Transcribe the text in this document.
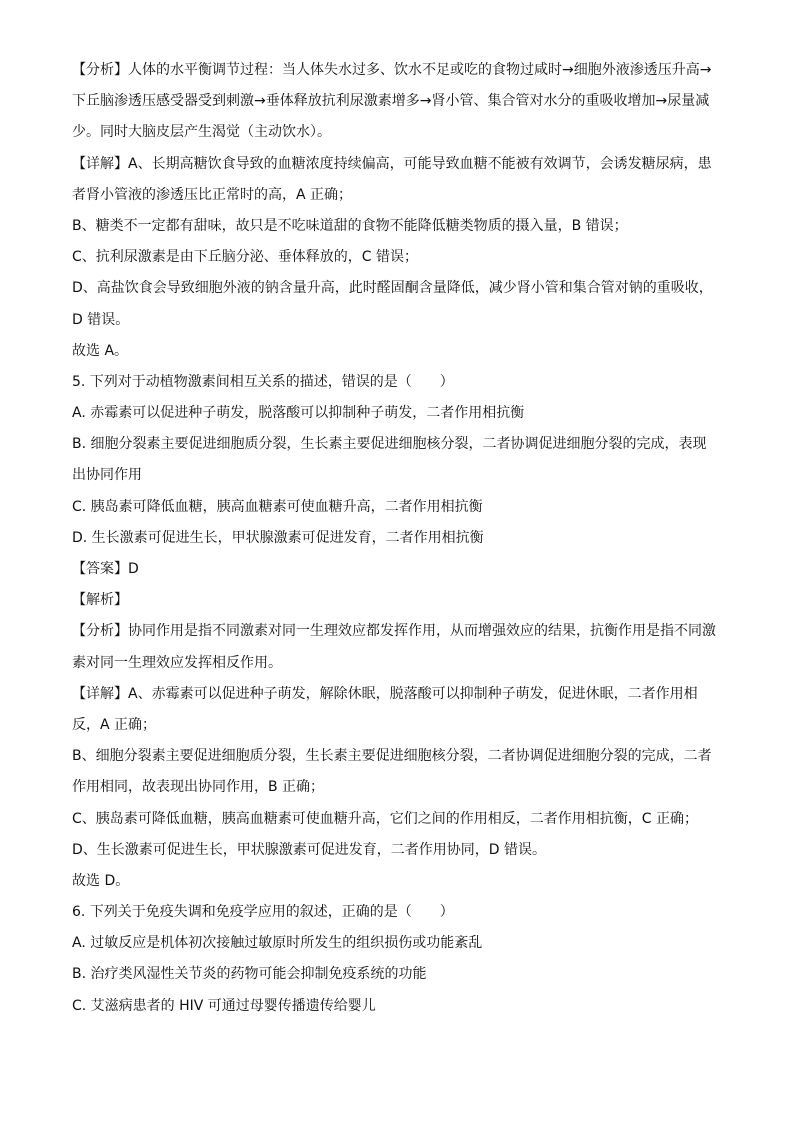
【分析】人体的水平衡调节过程：当人体失水过多、饮水不足或吃的食物过咸时→细胞外液渗透压升高→
下丘脑渗透压感受器受到刺激→垂体释放抗利尿激素增多→肾小管、集合管对水分的重吸收增加→尿量减
少。同时大脑皮层产生渴觉（主动饮水）。
【详解】A、长期高糖饮食导致的血糖浓度持续偏高，可能导致血糖不能被有效调节，会诱发糖尿病，患
者肾小管液的渗透压比正常时的高，A 正确；
B、糖类不一定都有甜味，故只是不吃味道甜的食物不能降低糖类物质的摄入量，B 错误；
C、抗利尿激素是由下丘脑分泌、垂体释放的，C 错误；
D、高盐饮食会导致细胞外液的钠含量升高，此时醛固酮含量降低，减少肾小管和集合管对钠的重吸收，
D 错误。
故选 A。
5. 下列对于动植物激素间相互关系的描述，错误的是（　　）
A. 赤霉素可以促进种子萌发，脱落酸可以抑制种子萌发，二者作用相抗衡
B. 细胞分裂素主要促进细胞质分裂，生长素主要促进细胞核分裂，二者协调促进细胞分裂的完成，表现
出协同作用
C. 胰岛素可降低血糖，胰高血糖素可使血糖升高，二者作用相抗衡
D. 生长激素可促进生长，甲状腺激素可促进发育，二者作用相抗衡
【答案】D
【解析】
【分析】协同作用是指不同激素对同一生理效应都发挥作用，从而增强效应的结果，抗衡作用是指不同激
素对同一生理效应发挥相反作用。
【详解】A、赤霉素可以促进种子萌发，解除休眠，脱落酸可以抑制种子萌发，促进休眠，二者作用相
反，A 正确；
B、细胞分裂素主要促进细胞质分裂，生长素主要促进细胞核分裂，二者协调促进细胞分裂的完成，二者
作用相同，故表现出协同作用，B 正确；
C、胰岛素可降低血糖，胰高血糖素可使血糖升高，它们之间的作用相反，二者作用相抗衡，C 正确；
D、生长激素可促进生长，甲状腺激素可促进发育，二者作用协同，D 错误。
故选 D。
6. 下列关于免疫失调和免疫学应用的叙述，正确的是（　　）
A. 过敏反应是机体初次接触过敏原时所发生的组织损伤或功能紊乱
B. 治疗类风湿性关节炎的药物可能会抑制免疫系统的功能
C. 艾滋病患者的 HIV 可通过母婴传播遗传给婴儿
